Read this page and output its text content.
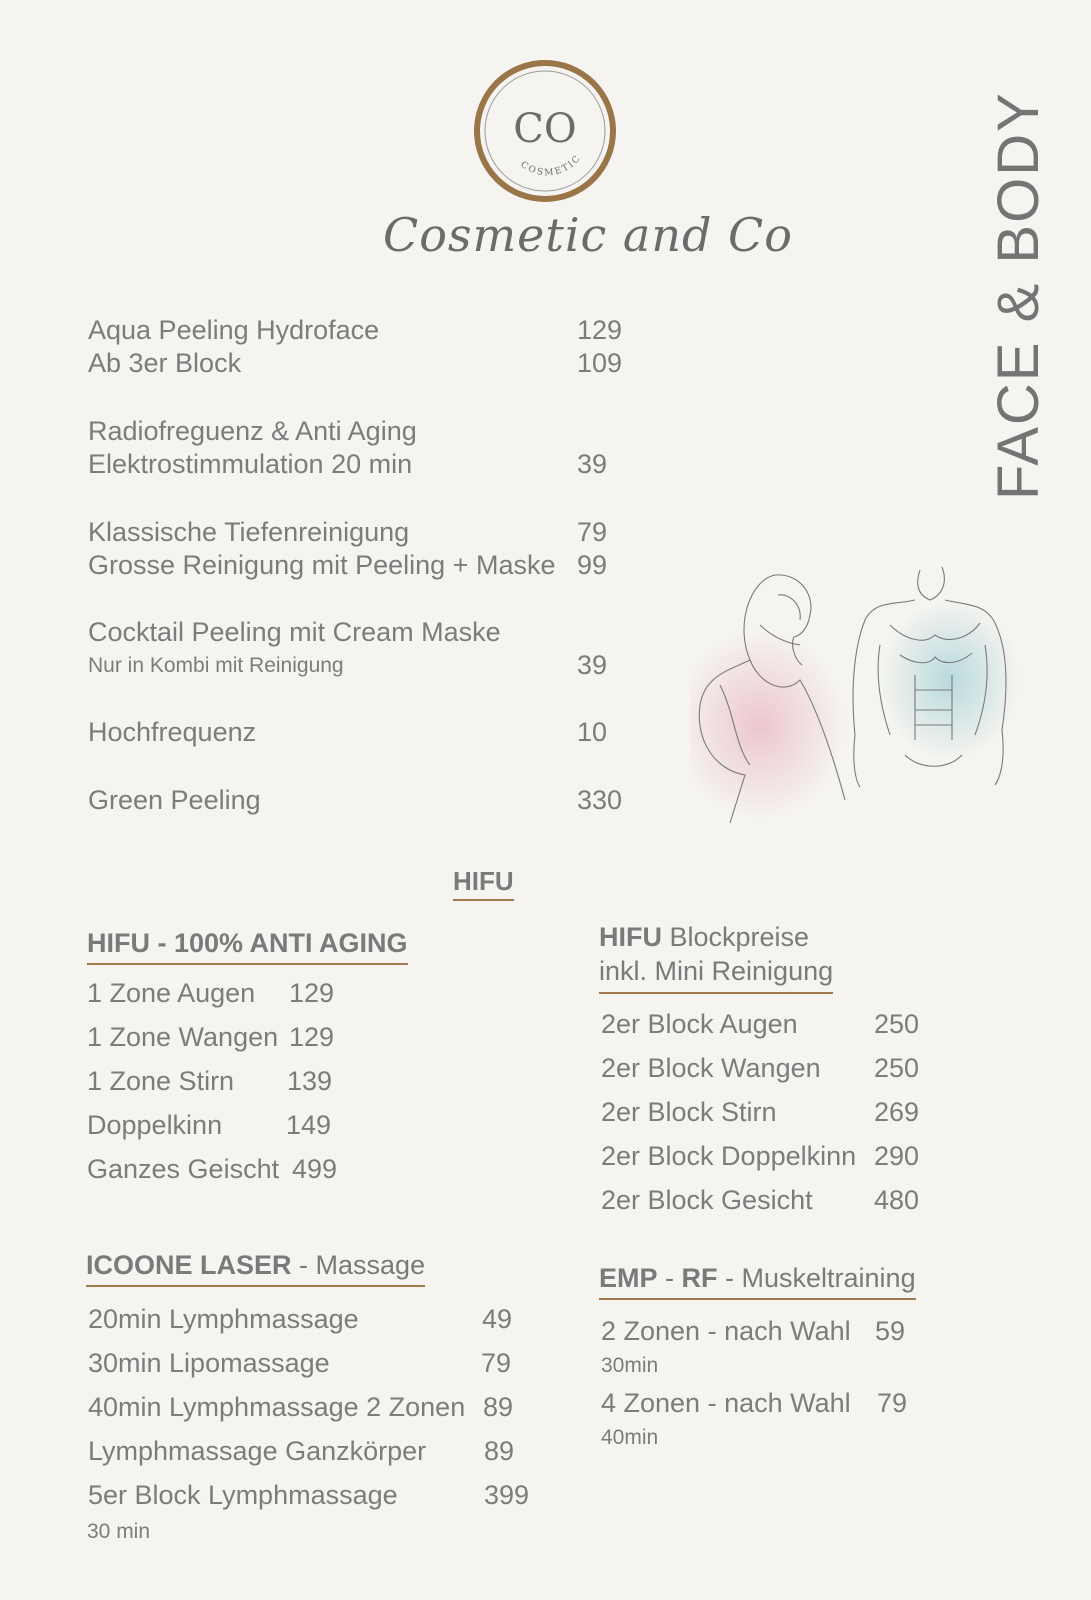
CO
COSMETIC
Cosmetic and Co	FACE & BODY
Aqua Peeling Hydroface	129
Ab 3er Block	109
Radiofreguenz & Anti Aging
Elektrostimmulation 20 min	39
Klassische Tiefenreinigung	79
Grosse Reinigung mit Peeling + Maske 99
Cocktail Peeling mit Cream Maske
Nur in Kombi mit Reinigung	39
Hochfrequenz	10
Green Peeling	330
HIFU
HIFU - 100% ANTI AGING
1 Zone Augen 129
1 Zone Wangen 129
1 Zone Stirn 139
Doppelkinn 149
Ganzes Geischt 499
HIFU Blockpreise
inkl. Mini Reinigung
2er Block Augen	250
2er Block Wangen 250
2er Block Stirn	269
2er Block Doppelkinn 290
2er Block Gesicht 480
ICOONE LASER - Massage
20min Lymphmassage	49
30min Lipomassage	79
40min Lymphmassage 2 Zonen 89
Lymphmassage Ganzkörper 89
5er Block Lymphmassage	399
30 min
EMP - RF - Muskeltraining
2 Zonen - nach Wahl 59
30min
4 Zonen - nach Wahl 79
40min
